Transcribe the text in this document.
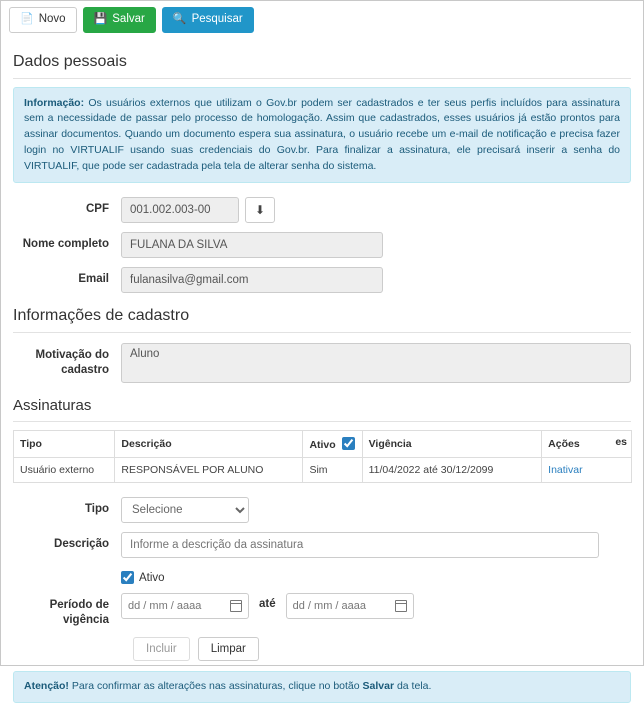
📄 Novo	💾 Salvar	🔍 Pesquisar
Dados pessoais
Informação: Os usuários externos que utilizam o Gov.br podem ser cadastrados e ter seus perfis incluídos para assinatura sem a necessidade de passar pelo processo de homologação. Assim que cadastrados, esses usuários já estão prontos para assinar documentos. Quando um documento espera sua assinatura, o usuário recebe um e-mail de notificação e precisa fazer login no VIRTUALIF usando suas credenciais do Gov.br. Para finalizar a assinatura, ele precisará inserir a senha do VIRTUALIF, que pode ser cadastrada pela tela de alterar senha do sistema.
CPF
001.002.003-00	⬇
Nome completo
FULANA DA SILVA
Email
fulanasilva@gmail.com
Informações de cadastro
Motivação do
cadastro
Aluno
Assinaturas
Tipo	Descrição	Ativo	Vigência	Ações
Usuário externo	RESPONSÁVEL POR ALUNO	Sim	11/04/2022 até 30/12/2099	Inativar
es
Tipo
Selecione
Descrição
Informe a descrição da assinatura
Ativo
Período de vigência
dd / mm / aaaa	até	dd / mm / aaaa
Incluir	Limpar
Atenção! Para confirmar as alterações nas assinaturas, clique no botão Salvar da tela.
